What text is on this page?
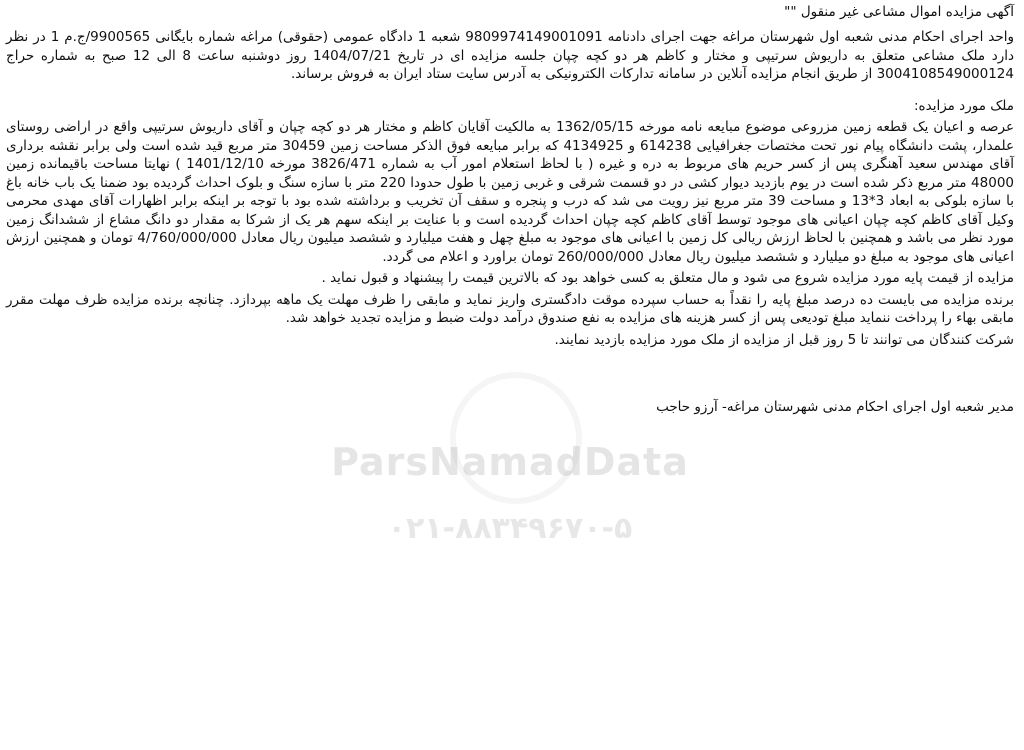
آگهی مزایده اموال مشاعی غیر منقول ""
واحد اجرای احکام مدنی شعبه اول شهرستان مراغه جهت اجرای دادنامه 9809974149001091 شعبه 1 دادگاه عمومی (حقوقی) مراغه شماره بایگانی 9900565/ج.م 1 در نظر دارد ملک مشاعی متعلق به داریوش سرتیپی و مختار و کاظم هر دو کچه چپان جلسه مزایده ای در تاریخ 1404/07/21 روز دوشنبه ساعت 8 الی 12 صبح به شماره حراج 3004108549000124 از طریق انجام مزایده آنلاین در سامانه تدارکات الکترونیکی به آدرس سایت ستاد ایران به فروش برساند.
ملک مورد مزایده:
عرصه و اعیان یک قطعه زمین مزروعی موضوع مبایعه نامه مورخه 1362/05/15 به مالکیت آقایان کاظم و مختار هر دو کچه چپان و آقای داریوش سرتیپی واقع در اراضی روستای علمدار، پشت دانشگاه پیام نور تحت مختصات جغرافیایی 614238 و 4134925 که برابر مبایعه فوق الذکر مساحت زمین 30459 متر مربع قید شده است ولی برابر نقشه برداری آقای مهندس سعید آهنگری پس از کسر حریم های مربوط به دره و غیره ( با لحاظ استعلام امور آب به شماره 3826/471 مورخه 1401/12/10 ) نهایتا مساحت باقیمانده زمین 48000 متر مربع ذکر شده است در یوم بازدید دیوار کشی در دو قسمت شرقی و غربی زمین با طول حدودا 220 متر با سازه سنگ و بلوک احداث گردیده بود ضمنا یک باب خانه باغ با سازه بلوکی به ابعاد 3*13 و مساحت 39 متر مربع نیز رویت می شد که درب و پنجره و سقف آن تخریب و برداشته شده بود با توجه بر اینکه برابر اظهارات آقای مهدی محرمی وکیل آقای کاظم کچه چپان اعیانی های موجود توسط آقای کاظم کچه چپان احداث گردیده است و با عنایت بر اینکه سهم هر یک از شرکا به مقدار دو دانگ مشاع از ششدانگ زمین مورد نظر می باشد و همچنین با لحاظ ارزش ریالی کل زمین با اعیانی های موجود به مبلغ چهل و هفت میلیارد و ششصد میلیون ریال معادل 4/760/000/000 تومان و همچنین ارزش اعیانی های موجود به مبلغ دو میلیارد و ششصد میلیون ریال معادل 260/000/000 تومان براورد و اعلام می گردد.
مزایده از قیمت پایه مورد مزایده شروع می شود و مال متعلق به کسی خواهد بود که بالاترین قیمت را پیشنهاد و قبول نماید .
برنده مزایده می بایست ده درصد مبلغ پایه را نقداً به حساب سپرده موقت دادگستری واریز نماید و مابقی را ظرف مهلت یک ماهه بپردازد. چنانچه برنده مزایده ظرف مهلت مقرر مابقی بهاء را پرداخت ننماید مبلغ تودیعی پس از کسر هزینه های مزایده به نفع صندوق درآمد دولت ضبط و مزایده تجدید خواهد شد.
شرکت کنندگان می توانند تا 5 روز قبل از مزایده از ملک مورد مزایده بازدید نمایند.
مدیر شعبه اول اجرای احکام مدنی شهرستان مراغه- آرزو حاجب
ParsNamadData
۰۲۱-۸۸۳۴۹۶۷۰-۵
